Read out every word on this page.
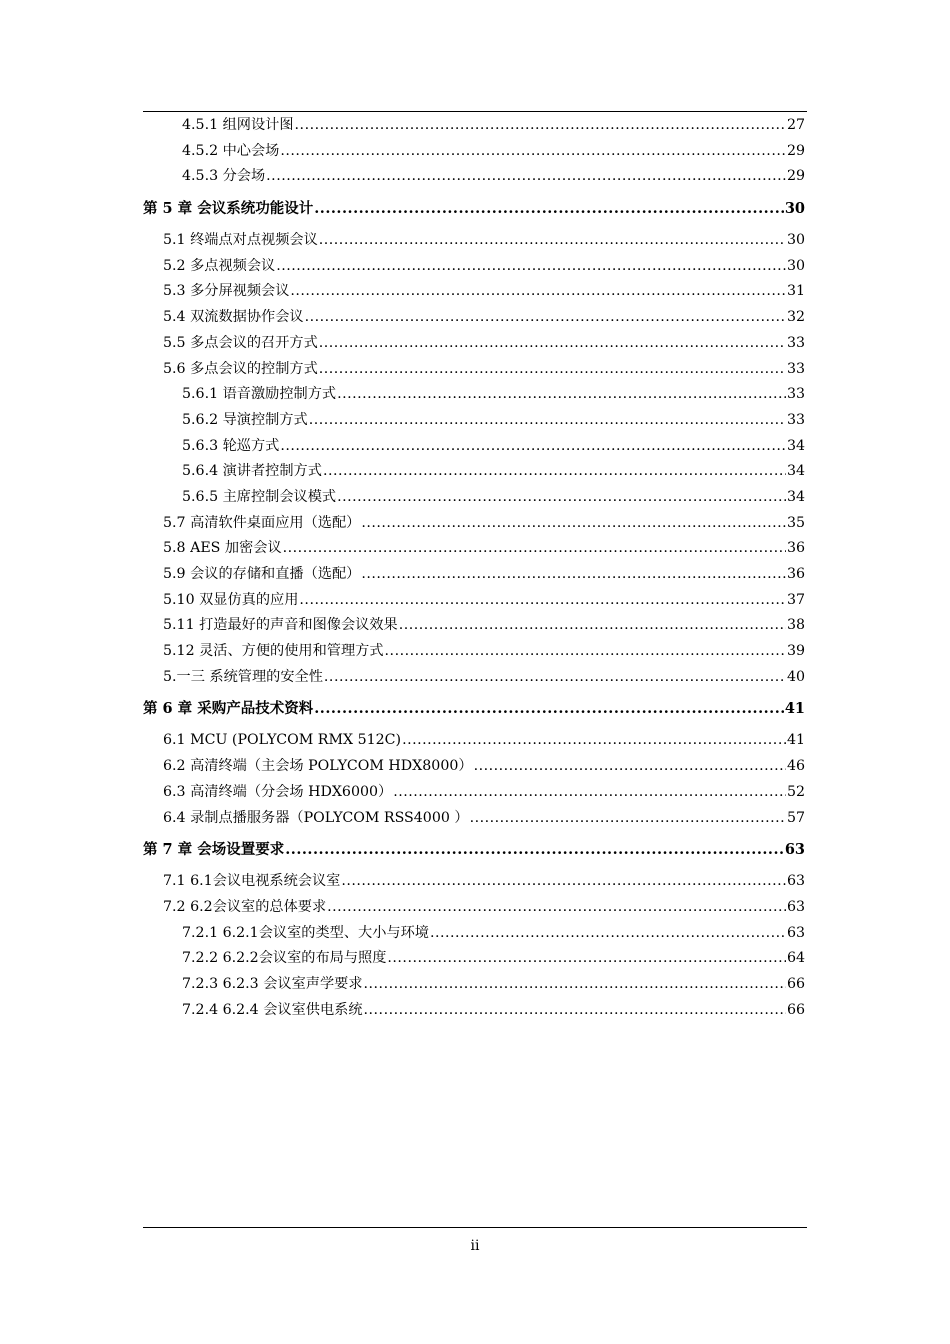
4.5.1 组网设计图 .....	27
4.5.2 中心会场 .....	29
4.5.3 分会场 .....	29
第 5 章 会议系统功能设计 .....	30
5.1 终端点对点视频会议 .....	30
5.2 多点视频会议 .....	30
5.3 多分屏视频会议 .....	31
5.4 双流数据协作会议 .....	32
5.5 多点会议的召开方式 .....	33
5.6 多点会议的控制方式 .....	33
5.6.1 语音激励控制方式 .....	33
5.6.2 导演控制方式 .....	33
5.6.3 轮巡方式 .....	34
5.6.4 演讲者控制方式 .....	34
5.6.5 主席控制会议模式 .....	34
5.7 高清软件桌面应用（选配） .....	35
5.8 AES 加密会议 .....	36
5.9 会议的存储和直播（选配） .....	36
5.10 双显仿真的应用 .....	37
5.11 打造最好的声音和图像会议效果 .....	38
5.12 灵活、方便的使用和管理方式 .....	39
5.一三 系统管理的安全性 .....	40
第 6 章 采购产品技术资料 .....	41
6.1 MCU (POLYCOM RMX 512C) .....	41
6.2 高清终端（主会场 POLYCOM HDX8000） .....	46
6.3 高清终端（分会场 HDX6000） .....	52
6.4 录制点播服务器（POLYCOM RSS4000 ） .....	57
第 7 章 会场设置要求 .....	63
7.1 6.1会议电视系统会议室 .....	63
7.2 6.2会议室的总体要求 .....	63
7.2.1 6.2.1会议室的类型、大小与环境 .....	63
7.2.2 6.2.2会议室的布局与照度 .....	64
7.2.3 6.2.3 会议室声学要求 .....	66
7.2.4 6.2.4 会议室供电系统 .....	66
ii
